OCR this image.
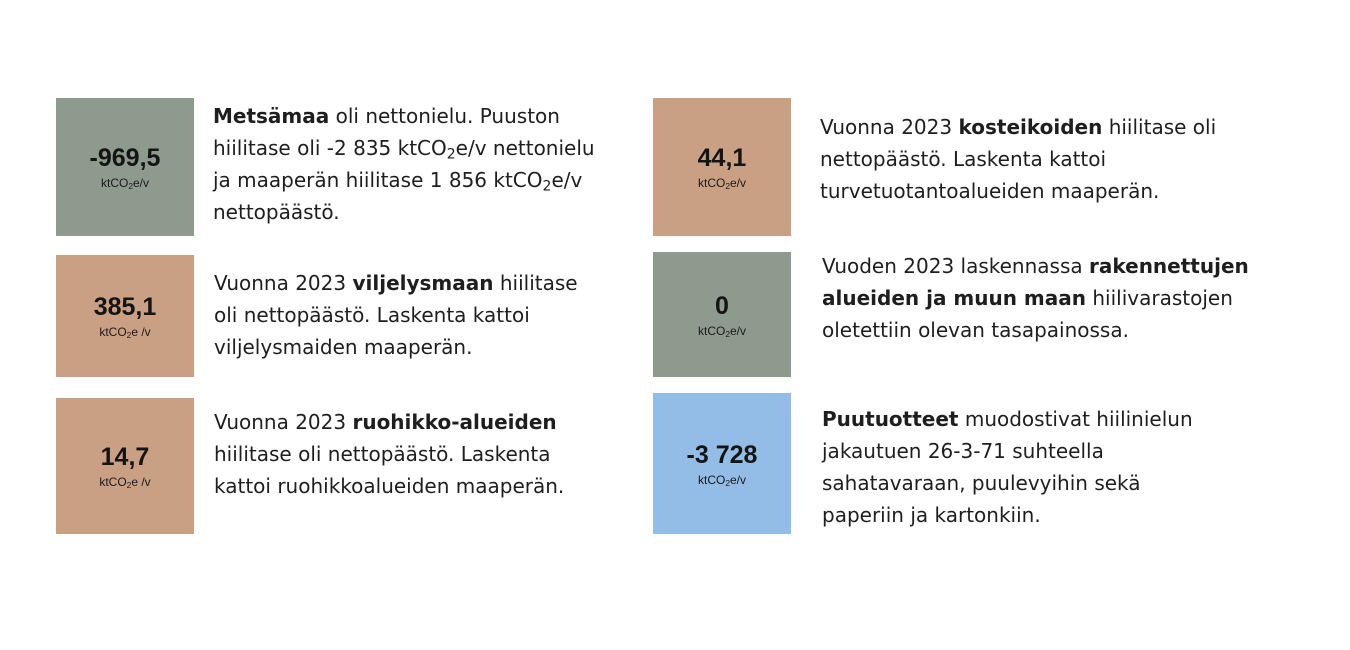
-969,5
ktCO$_2$e/v
Metsämaa oli nettonielu. Puuston hiilitase oli -2 835 ktCO$_2$e/v nettonielu ja maaperän hiilitase 1 856 ktCO$_2$e/v nettopäästö.
385,1
ktCO$_2$e /v
Vuonna 2023 viljelysmaan hiilitase oli nettopäästö. Laskenta kattoi viljelysmaiden maaperän.
14,7
ktCO$_2$e /v
Vuonna 2023 ruohikko-alueiden hiilitase oli nettopäästö. Laskenta kattoi ruohikkoalueiden maaperän.
44,1
ktCO$_2$e/v
Vuonna 2023 kosteikoiden hiilitase oli nettopäästö. Laskenta kattoi turvetuotantoalueiden maaperän.
0
ktCO$_2$e/v
Vuoden 2023 laskennassa rakennettujen alueiden ja muun maan hiilivarastojen oletettiin olevan tasapainossa.
-3 728
ktCO$_2$e/v
Puutuotteet muodostivat hiilinielun jakautuen 26-3-71 suhteella sahatavaraan, puulevyihin sekä paperiin ja kartonkiin.
